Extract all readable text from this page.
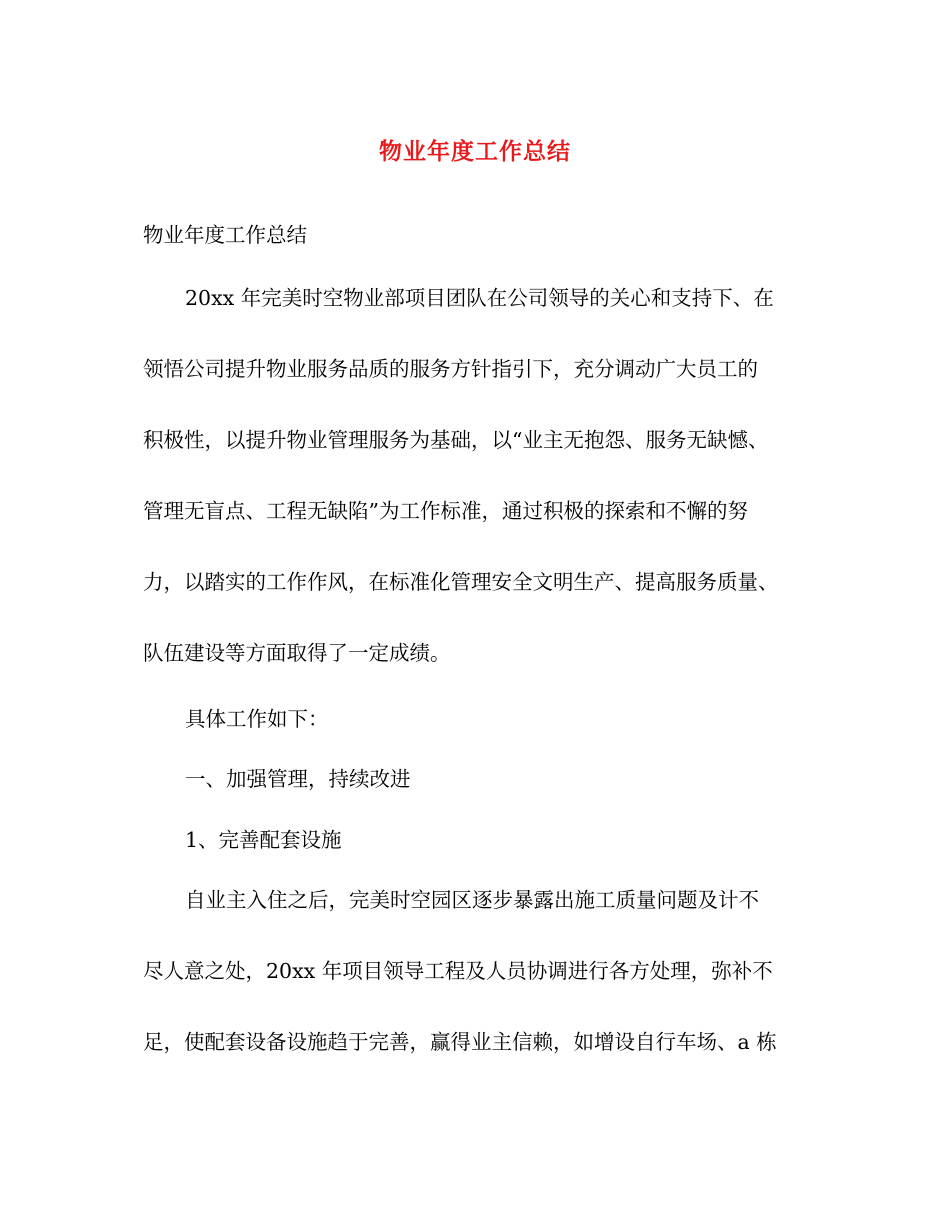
物业年度工作总结
物业年度工作总结
20xx 年完美时空物业部项目团队在公司领导的关心和支持下、在
领悟公司提升物业服务品质的服务方针指引下，充分调动广大员工的
积极性，以提升物业管理服务为基础，以“业主无抱怨、服务无缺憾、
管理无盲点、工程无缺陷”为工作标准，通过积极的探索和不懈的努
力，以踏实的工作作风，在标准化管理安全文明生产、提高服务质量、
队伍建设等方面取得了一定成绩。
具体工作如下：
一、加强管理，持续改进
1、完善配套设施
自业主入住之后，完美时空园区逐步暴露出施工质量问题及计不
尽人意之处，20xx 年项目领导工程及人员协调进行各方处理，弥补不
足，使配套设备设施趋于完善，赢得业主信赖，如增设自行车场、a 栋
